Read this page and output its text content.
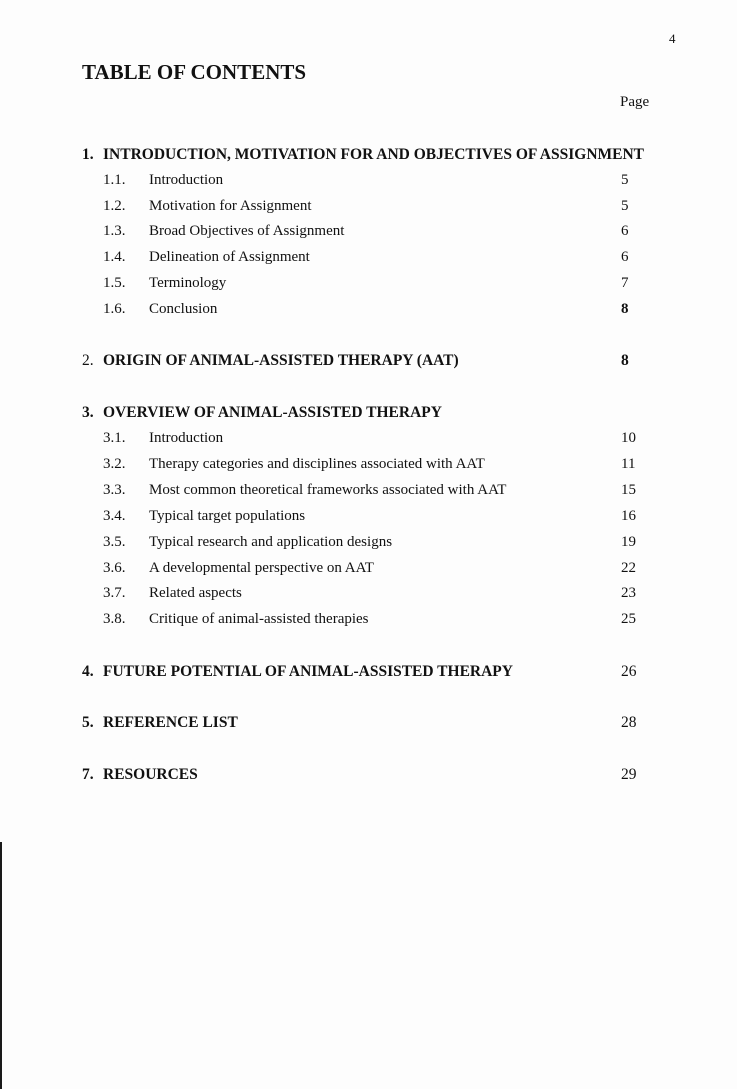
4
TABLE OF CONTENTS
Page
1. INTRODUCTION, MOTIVATION FOR AND OBJECTIVES OF ASSIGNMENT
1.1. Introduction	5
1.2. Motivation for Assignment	5
1.3. Broad Objectives of Assignment	6
1.4. Delineation of Assignment	6
1.5. Terminology	7
1.6. Conclusion	8
2. ORIGIN OF ANIMAL-ASSISTED THERAPY (AAT)	8
3. OVERVIEW OF ANIMAL-ASSISTED THERAPY
3.1. Introduction	10
3.2. Therapy categories and disciplines associated with AAT	11
3.3. Most common theoretical frameworks associated with AAT	15
3.4. Typical target populations	16
3.5. Typical research and application designs	19
3.6. A developmental perspective on AAT	22
3.7. Related aspects	23
3.8. Critique of animal-assisted therapies	25
4. FUTURE POTENTIAL OF ANIMAL-ASSISTED THERAPY	26
5. REFERENCE LIST	28
7. RESOURCES	29
